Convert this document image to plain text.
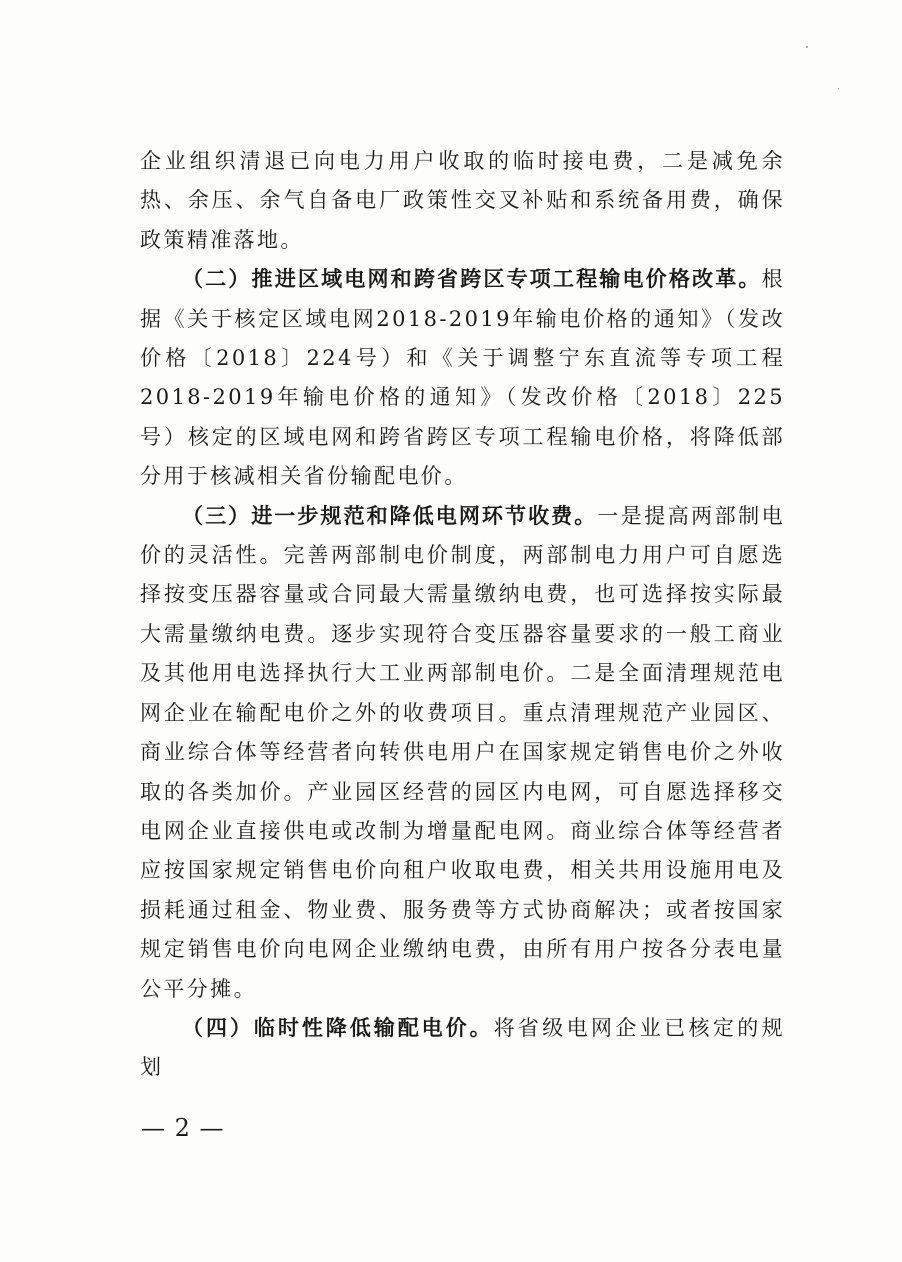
企业组织清退已向电力用户收取的临时接电费，二是减免余热、余压、余气自备电厂政策性交叉补贴和系统备用费，确保政策精准落地。

（二）推进区域电网和跨省跨区专项工程输电价格改革。根据《关于核定区域电网2018-2019年输电价格的通知》（发改价格〔2018〕224号）和《关于调整宁东直流等专项工程2018-2019年输电价格的通知》（发改价格〔2018〕225号）核定的区域电网和跨省跨区专项工程输电价格，将降低部分用于核减相关省份输配电价。

（三）进一步规范和降低电网环节收费。一是提高两部制电价的灵活性。完善两部制电价制度，两部制电力用户可自愿选择按变压器容量或合同最大需量缴纳电费，也可选择按实际最大需量缴纳电费。逐步实现符合变压器容量要求的一般工商业及其他用电选择执行大工业两部制电价。二是全面清理规范电网企业在输配电价之外的收费项目。重点清理规范产业园区、商业综合体等经营者向转供电用户在国家规定销售电价之外收取的各类加价。产业园区经营的园区内电网，可自愿选择移交电网企业直接供电或改制为增量配电网。商业综合体等经营者应按国家规定销售电价向租户收取电费，相关共用设施用电及损耗通过租金、物业费、服务费等方式协商解决；或者按国家规定销售电价向电网企业缴纳电费，由所有用户按各分表电量公平分摊。

（四）临时性降低输配电价。将省级电网企业已核定的规划

— 2 —
